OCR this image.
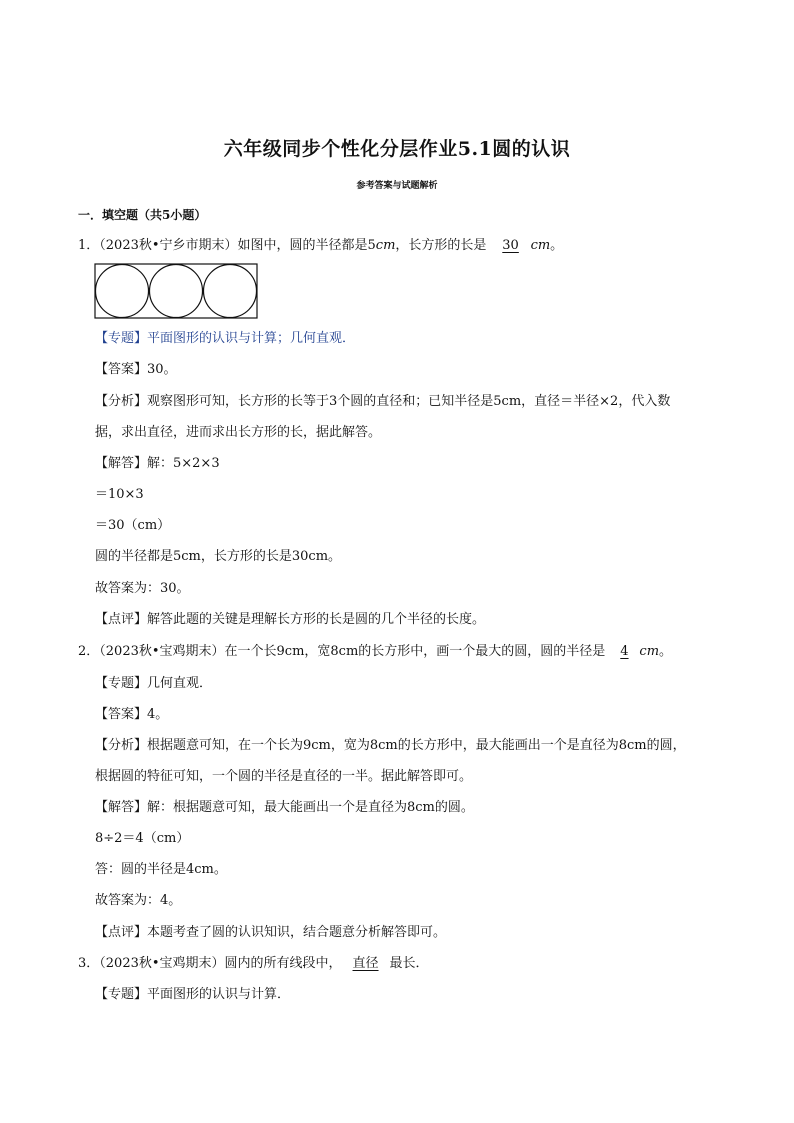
六年级同步个性化分层作业5.1圆的认识
参考答案与试题解析
一．填空题（共5小题）
1．（2023秋•宁乡市期末）如图中，圆的半径都是5cm，长方形的长是 30 cm。
【专题】平面图形的认识与计算；几何直观．
【答案】30。
【分析】观察图形可知，长方形的长等于3个圆的直径和；已知半径是5cm，直径＝半径×2，代入数
据，求出直径，进而求出长方形的长，据此解答。
【解答】解：5×2×3
＝10×3
＝30（cm）
圆的半径都是5cm，长方形的长是30cm。
故答案为：30。
【点评】解答此题的关键是理解长方形的长是圆的几个半径的长度。
2．（2023秋•宝鸡期末）在一个长9cm，宽8cm的长方形中，画一个最大的圆，圆的半径是 4 cm。
【专题】几何直观．
【答案】4。
【分析】根据题意可知，在一个长为9cm，宽为8cm的长方形中，最大能画出一个是直径为8cm的圆，
根据圆的特征可知，一个圆的半径是直径的一半。据此解答即可。
【解答】解：根据题意可知，最大能画出一个是直径为8cm的圆。
8÷2＝4（cm）
答：圆的半径是4cm。
故答案为：4。
【点评】本题考查了圆的认识知识，结合题意分析解答即可。
3．（2023秋•宝鸡期末）圆内的所有线段中， 直径 最长．
【专题】平面图形的认识与计算．
